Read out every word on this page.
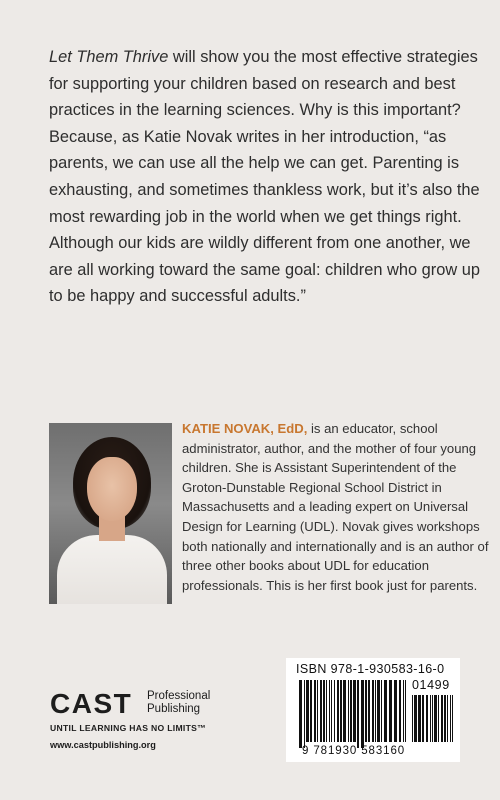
Let Them Thrive will show you the most effective strategies for supporting your children based on research and best practices in the learning sciences. Why is this important? Because, as Katie Novak writes in her introduction, “as parents, we can use all the help we can get. Parenting is exhausting, and sometimes thankless work, but it’s also the most rewarding job in the world when we get things right. Although our kids are wildly different from one another, we are all working toward the same goal: children who grow up to be happy and successful adults.”

KATIE NOVAK, EdD, is an educator, school administrator, author, and the mother of four young children. She is Assistant Superintendent of the Groton-Dunstable Regional School District in Massachusetts and a leading expert on Universal Design for Learning (UDL). Novak gives workshops both nationally and internationally and is an author of three other books about UDL for education professionals. This is her first book just for parents.

CAST Professional
Publishing
UNTIL LEARNING HAS NO LIMITS™
www.castpublishing.org
ISBN 978-1-930583-16-0
01499
9 781930 583160
